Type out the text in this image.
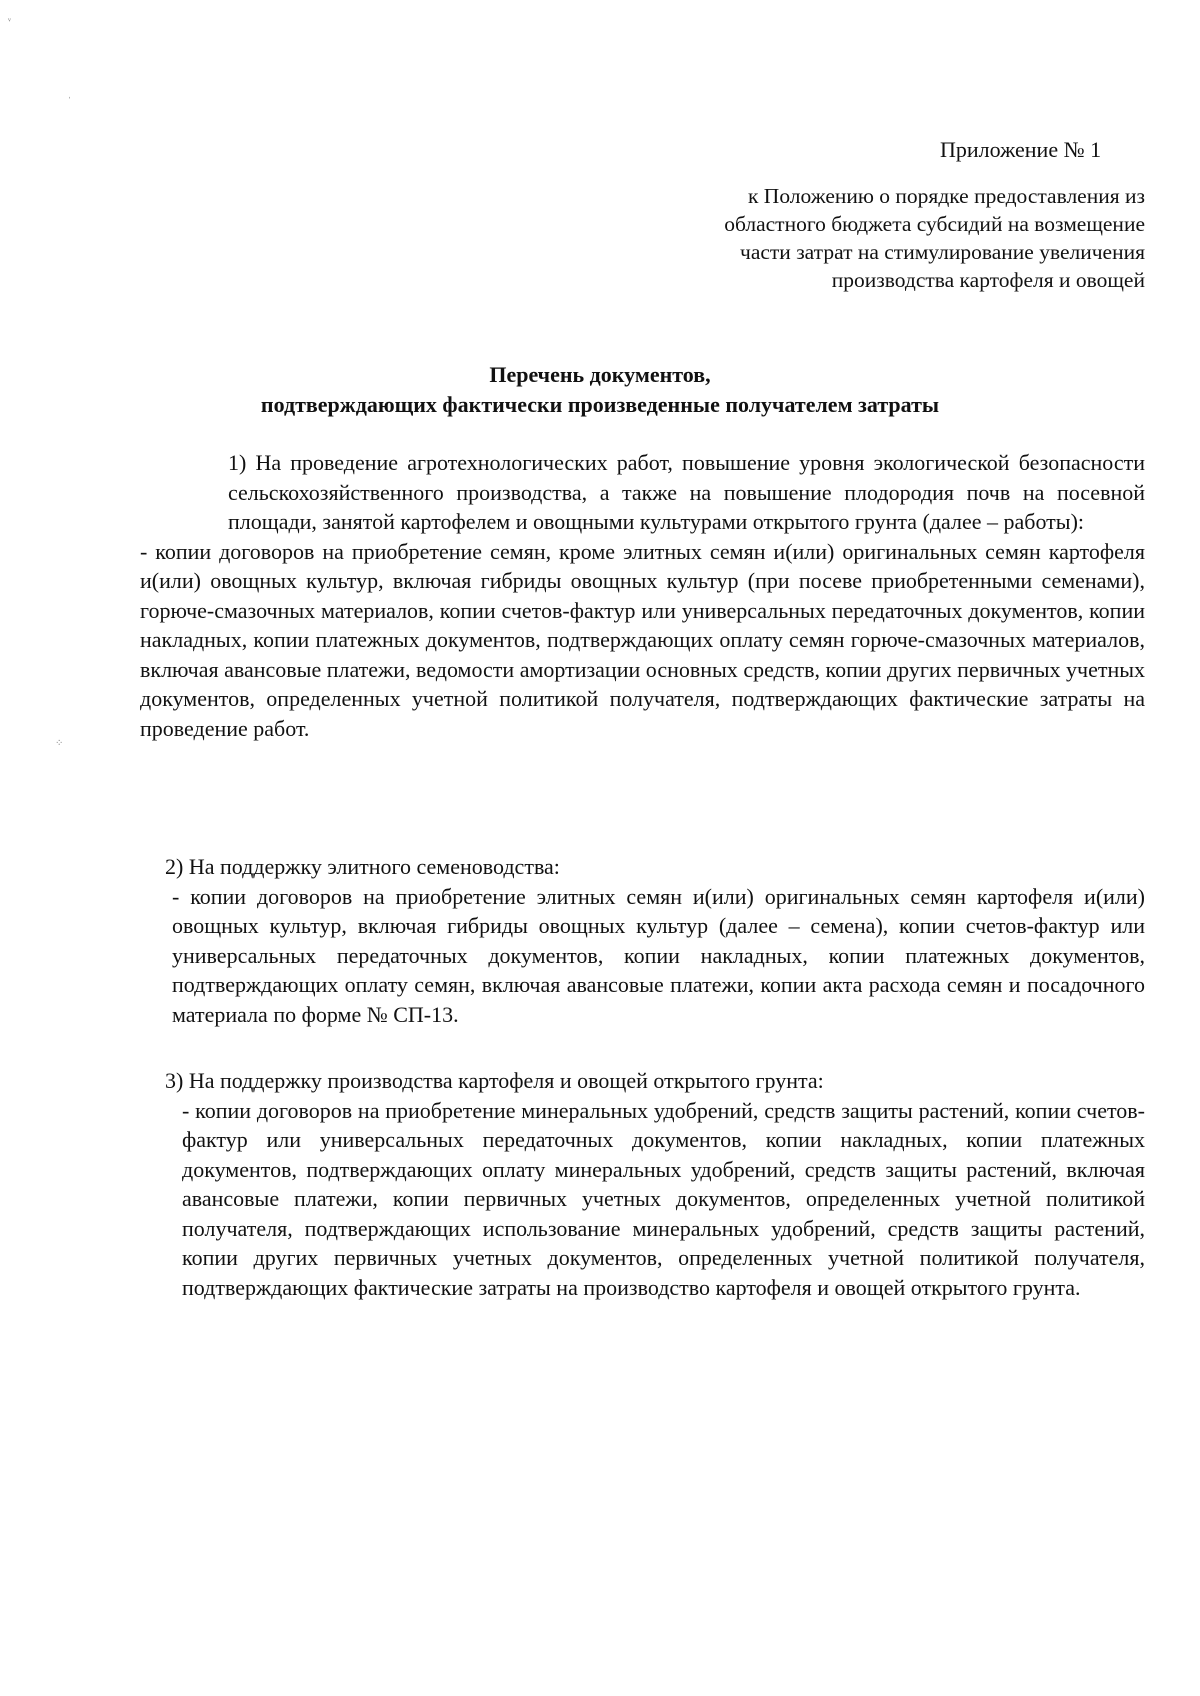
ᵛ
ˌ
⁘
Приложение № 1
к Положению о порядке предоставления из
областного бюджета субсидий на возмещение
части затрат на стимулирование увеличения
производства картофеля и овощей
Перечень документов,
подтверждающих фактически произведенные получателем затраты
1) На проведение агротехнологических работ, повышение уровня экологической безопасности сельскохозяйственного производства, а также на повышение плодородия почв на посевной площади, занятой картофелем и овощными культурами открытого грунта (далее – работы):
- копии договоров на приобретение семян, кроме элитных семян и(или) оригинальных семян картофеля и(или) овощных культур, включая гибриды овощных культур (при посеве приобретенными семенами), горюче-смазочных материалов, копии счетов-фактур или универсальных передаточных документов, копии накладных, копии платежных документов, подтверждающих оплату семян горюче-смазочных материалов, включая авансовые платежи, ведомости амортизации основных средств, копии других первичных учетных документов, определенных учетной политикой получателя, подтверждающих фактические затраты на проведение работ.
2) На поддержку элитного семеноводства:
- копии договоров на приобретение элитных семян и(или) оригинальных семян картофеля и(или) овощных культур, включая гибриды овощных культур (далее – семена), копии счетов-фактур или универсальных передаточных документов, копии накладных, копии платежных документов, подтверждающих оплату семян, включая авансовые платежи, копии акта расхода семян и посадочного материала по форме № СП-13.
3) На поддержку производства картофеля и овощей открытого грунта:
- копии договоров на приобретение минеральных удобрений, средств защиты растений, копии счетов-фактур или универсальных передаточных документов, копии накладных, копии платежных документов, подтверждающих оплату минеральных удобрений, средств защиты растений, включая авансовые платежи, копии первичных учетных документов, определенных учетной политикой получателя, подтверждающих использование минеральных удобрений, средств защиты растений, копии других первичных учетных документов, определенных учетной политикой получателя, подтверждающих фактические затраты на производство картофеля и овощей открытого грунта.
